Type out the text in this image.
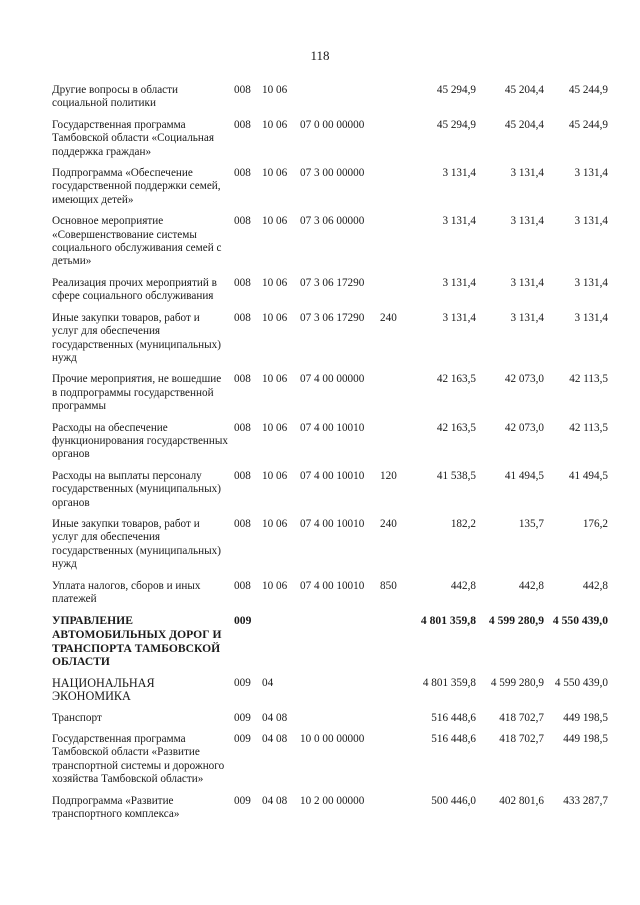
118
Другие вопросы в области социальной политики	008	10 06			45 294,9	45 204,4	45 244,9
Государственная программа Тамбовской области «Социальная поддержка граждан»	008	10 06	07 0 00 00000		45 294,9	45 204,4	45 244,9
Подпрограмма «Обеспечение государственной поддержки семей, имеющих детей»	008	10 06	07 3 00 00000		3 131,4	3 131,4	3 131,4
Основное мероприятие «Совершенствование системы социального обслуживания семей с детьми»	008	10 06	07 3 06 00000		3 131,4	3 131,4	3 131,4
Реализация прочих мероприятий в сфере социального обслуживания	008	10 06	07 3 06 17290		3 131,4	3 131,4	3 131,4
Иные закупки товаров, работ и услуг для обеспечения государственных (муниципальных) нужд	008	10 06	07 3 06 17290	240	3 131,4	3 131,4	3 131,4
Прочие мероприятия, не вошедшие в подпрограммы государственной программы	008	10 06	07 4 00 00000		42 163,5	42 073,0	42 113,5
Расходы на обеспечение функционирования государственных органов	008	10 06	07 4 00 10010		42 163,5	42 073,0	42 113,5
Расходы на выплаты персоналу государственных (муниципальных) органов	008	10 06	07 4 00 10010	120	41 538,5	41 494,5	41 494,5
Иные закупки товаров, работ и услуг для обеспечения государственных (муниципальных) нужд	008	10 06	07 4 00 10010	240	182,2	135,7	176,2
Уплата налогов, сборов и иных платежей	008	10 06	07 4 00 10010	850	442,8	442,8	442,8
УПРАВЛЕНИЕ АВТОМОБИЛЬНЫХ ДОРОГ И ТРАНСПОРТА ТАМБОВСКОЙ ОБЛАСТИ	009				4 801 359,8	4 599 280,9	4 550 439,0
НАЦИОНАЛЬНАЯ ЭКОНОМИКА	009	04			4 801 359,8	4 599 280,9	4 550 439,0
Транспорт	009	04 08			516 448,6	418 702,7	449 198,5
Государственная программа Тамбовской области «Развитие транспортной системы и дорожного хозяйства Тамбовской области»	009	04 08	10 0 00 00000		516 448,6	418 702,7	449 198,5
Подпрограмма «Развитие транспортного комплекса»	009	04 08	10 2 00 00000		500 446,0	402 801,6	433 287,7
